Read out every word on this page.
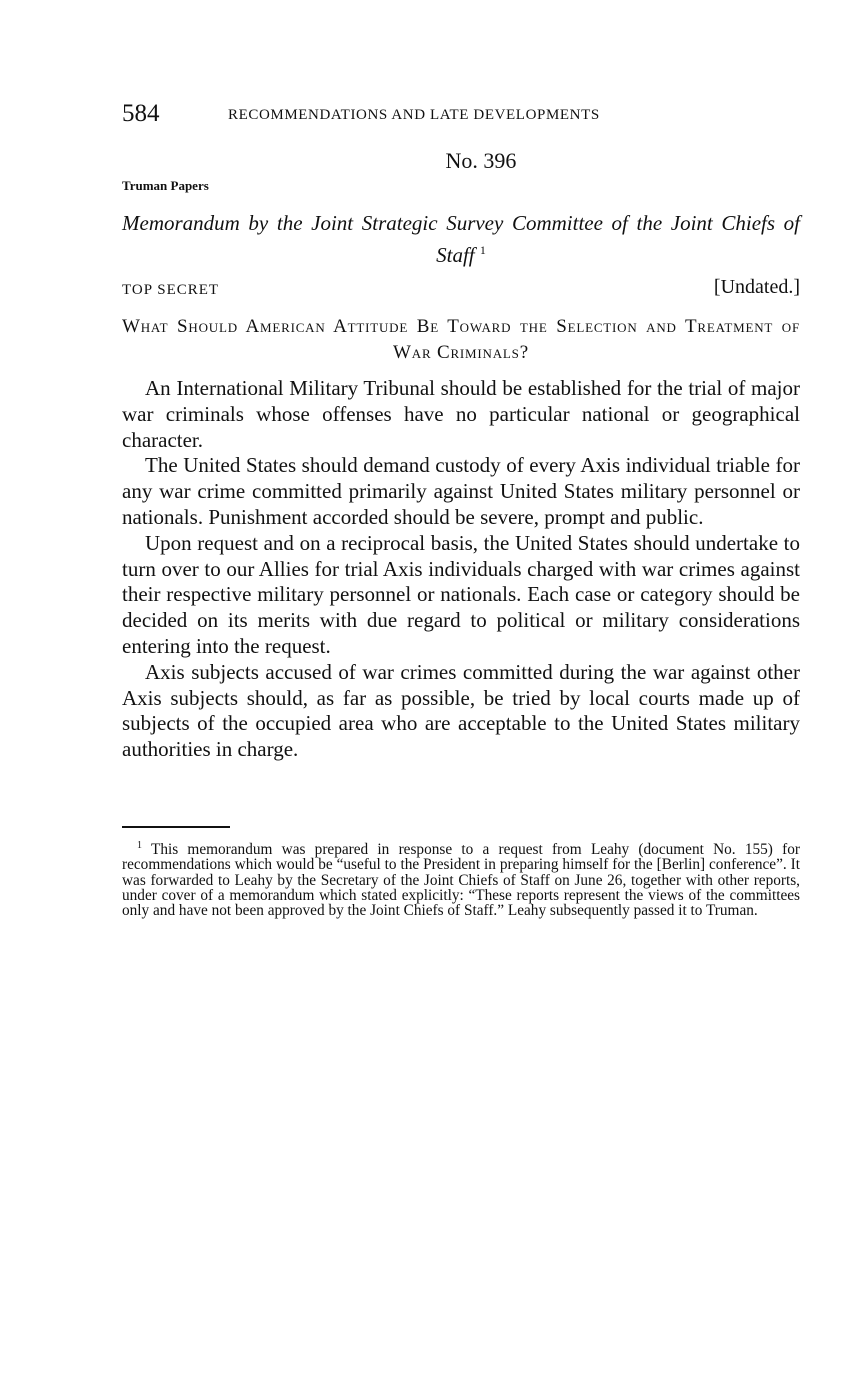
584	RECOMMENDATIONS AND LATE DEVELOPMENTS
No. 396
Truman Papers
Memorandum by the Joint Strategic Survey Committee of the Joint Chiefs of Staff $^1$
TOP SECRET	[Undated.]
What Should American Attitude Be Toward the Selection and Treatment of War Criminals?

An International Military Tribunal should be established for the trial of major war criminals whose offenses have no particular national or geographical character.

The United States should demand custody of every Axis individual triable for any war crime committed primarily against United States military personnel or nationals. Punishment accorded should be severe, prompt and public.

Upon request and on a reciprocal basis, the United States should undertake to turn over to our Allies for trial Axis individuals charged with war crimes against their respective military personnel or nationals. Each case or category should be decided on its merits with due regard to political or military considerations entering into the request.

Axis subjects accused of war crimes committed during the war against other Axis subjects should, as far as possible, be tried by local courts made up of subjects of the occupied area who are acceptable to the United States military authorities in charge.

$^1$ This memorandum was prepared in response to a request from Leahy (document No. 155) for recommendations which would be “useful to the President in preparing himself for the [Berlin] conference”. It was forwarded to Leahy by the Secretary of the Joint Chiefs of Staff on June 26, together with other reports, under cover of a memorandum which stated explicitly: “These reports represent the views of the committees only and have not been approved by the Joint Chiefs of Staff.” Leahy subsequently passed it to Truman.
